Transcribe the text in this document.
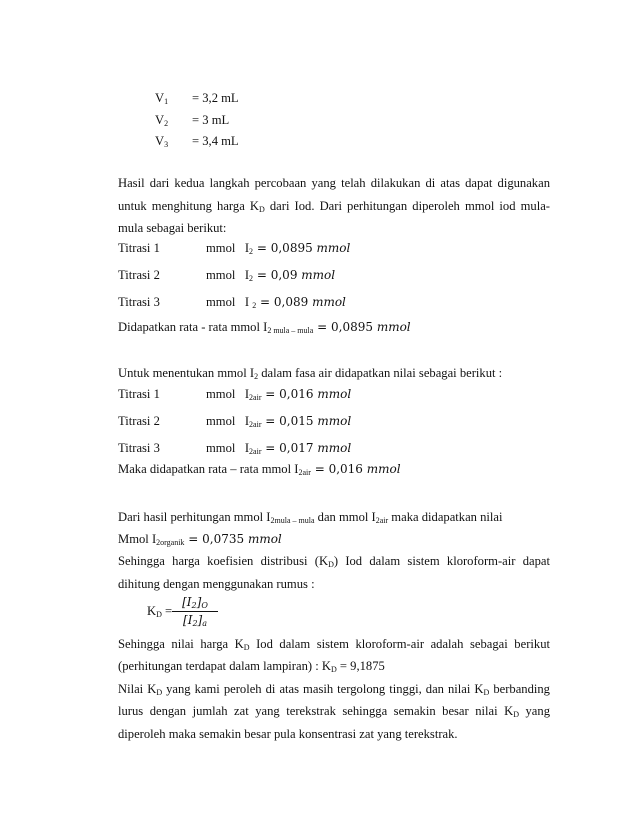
$V_1 = 3,2$ mL
$V_2 = 3$ mL
$V_3 = 3,4$ mL
Hasil dari kedua langkah percobaan yang telah dilakukan di atas dapat digunakan
untuk menghitung harga $K_D$ dari Iod. Dari perhitungan diperoleh mmol iod mula-
mula sebagai berikut:
Titrasi 1	mmol $I_2 = 0,0895$ mmol
Titrasi 2	mmol $I_2 = 0,09$ mmol
Titrasi 3	mmol I $_2$ = 0,089 mmol
Didapatkan rata - rata mmol $I_{2 mula - mula} = 0,0895$ mmol
Untuk menentukan mmol $I_2$ dalam fasa air didapatkan nilai sebagai berikut :
Titrasi 1	mmol $I_{2air} = 0,016$ mmol
Titrasi 2	mmol $I_{2air} = 0,015$ mmol
Titrasi 3	mmol $I_{2air} = 0,017$ mmol
Maka didapatkan rata – rata mmol $I_{2air} = 0,016$ mmol
Dari hasil perhitungan mmol $I_{2mula - mula}$ dan mmol $I_{2air}$ maka didapatkan nilai
Mmol $I_{2organik} = 0,0735$ mmol
Sehingga harga koefisien distribusi $(K_D)$ Iod dalam sistem kloroform-air dapat
dihitung dengan menggunakan rumus :
$K_D = \frac{[I_2]_O}{[I_2]_a}$
Sehingga nilai harga $K_D$ Iod dalam sistem kloroform-air adalah sebagai berikut
(perhitungan terdapat dalam lampiran) : $K_D = 9,1875$
Nilai $K_D$ yang kami peroleh di atas masih tergolong tinggi, dan nilai $K_D$ berbanding
lurus dengan jumlah zat yang terekstrak sehingga semakin besar nilai $K_D$ yang
diperoleh maka semakin besar pula konsentrasi zat yang terekstrak.
